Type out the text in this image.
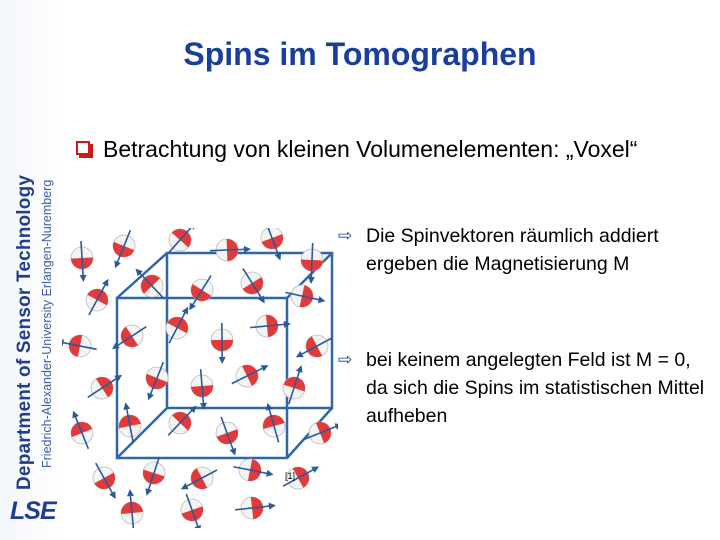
Department of Sensor Technology Friedrich-Alexander-University Erlangen-Nuremberg
LSE
Spins im Tomographen
Betrachtung von kleinen Volumenelementen: „Voxel“
⇨ Die Spinvektoren räumlich addiert ergeben die Magnetisierung M
⇨ bei keinem angelegten Feld ist M = 0, da sich die Spins im statistischen Mittel aufheben
[1]
